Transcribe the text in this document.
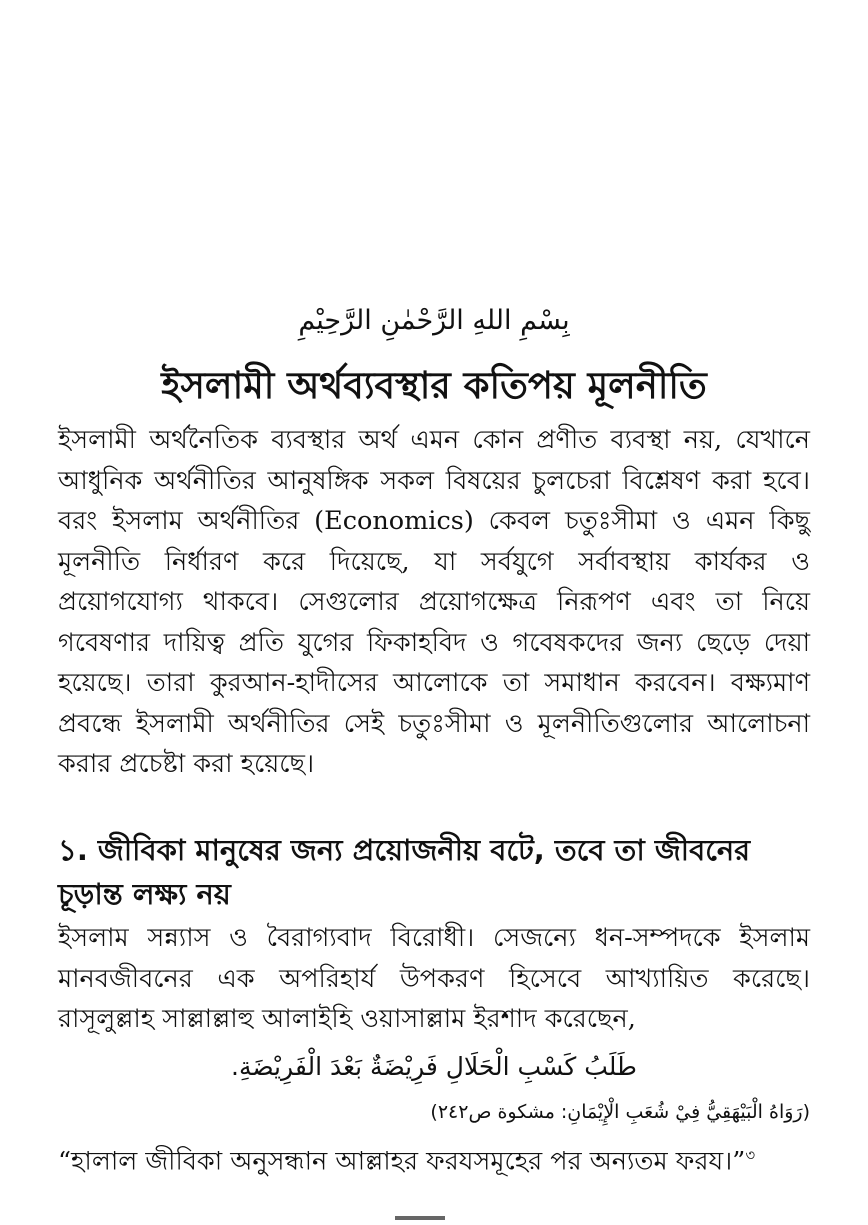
بِسْمِ اللهِ الرَّحْمٰنِ الرَّحِيْمِ
ইসলামী অর্থব্যবস্থার কতিপয় মূলনীতি

ইসলামী অর্থনৈতিক ব্যবস্থার অর্থ এমন কোন প্রণীত ব্যবস্থা নয়, যেখানে আধুনিক অর্থনীতির আনুষঙ্গিক সকল বিষয়ের চুলচেরা বিশ্লেষণ করা হবে। বরং ইসলাম অর্থনীতির (Economics) কেবল চতুঃসীমা ও এমন কিছু মূলনীতি নির্ধারণ করে দিয়েছে, যা সর্বযুগে সর্বাবস্থায় কার্যকর ও প্রয়োগযোগ্য থাকবে। সেগুলোর প্রয়োগক্ষেত্র নিরূপণ এবং তা নিয়ে গবেষণার দায়িত্ব প্রতি যুগের ফিকাহবিদ ও গবেষকদের জন্য ছেড়ে দেয়া হয়েছে। তারা কুরআন-হাদীসের আলোকে তা সমাধান করবেন। বক্ষ্যমাণ প্রবন্ধে ইসলামী অর্থনীতির সেই চতুঃসীমা ও মূলনীতিগুলোর আলোচনা করার প্রচেষ্টা করা হয়েছে।

১. জীবিকা মানুষের জন্য প্রয়োজনীয় বটে, তবে তা জীবনের চূড়ান্ত লক্ষ্য নয়

ইসলাম সন্ন্যাস ও বৈরাগ্যবাদ বিরোধী। সেজন্যে ধন-সম্পদকে ইসলাম মানবজীবনের এক অপরিহার্য উপকরণ হিসেবে আখ্যায়িত করেছে। রাসূলুল্লাহ সাল্লাল্লাহু আলাইহি ওয়াসাল্লাম ইরশাদ করেছেন,

طَلَبُ كَسْبِ الْحَلَالِ فَرِيْضَةٌ بَعْدَ الْفَرِيْضَةِ.
(رَوَاهُ الْبَيْهَقِيُّ فِيْ شُعَبِ الْإِيْمَانِ: مشكوة ص٢٤٢)

“হালাল জীবিকা অনুসন্ধান আল্লাহর ফরযসমূহের পর অন্যতম ফরয।”$^৩$
